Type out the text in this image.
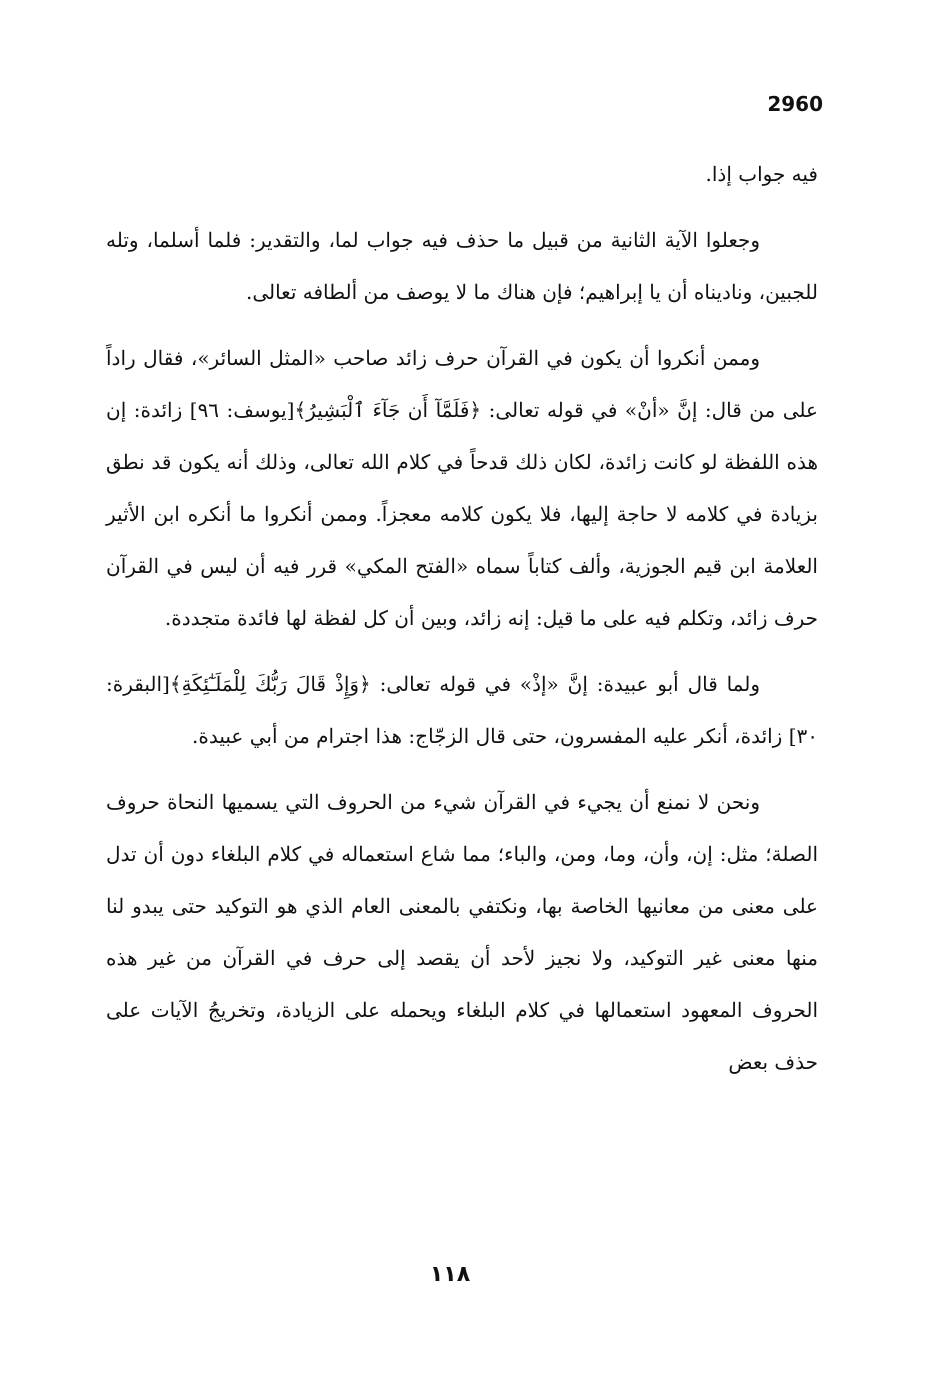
2960

فيه جواب إذا.

وجعلوا الآية الثانية من قبيل ما حذف فيه جواب لما، والتقدير: فلما أسلما، وتله للجبين، وناديناه أن يا إبراهيم؛ فإن هناك ما لا يوصف من ألطافه تعالى.

وممن أنكروا أن يكون في القرآن حرف زائد صاحب «المثل السائر»، فقال راداً على من قال: إنَّ «أنْ» في قوله تعالى: ﴿فَلَمَّآ أَن جَآءَ ٱلْبَشِيرُ﴾[يوسف: ٩٦] زائدة: إن هذه اللفظة لو كانت زائدة، لكان ذلك قدحاً في كلام الله تعالى، وذلك أنه يكون قد نطق بزيادة في كلامه لا حاجة إليها، فلا يكون كلامه معجزاً. وممن أنكروا ما أنكره ابن الأثير العلامة ابن قيم الجوزية، وألف كتاباً سماه «الفتح المكي» قرر فيه أن ليس في القرآن حرف زائد، وتكلم فيه على ما قيل: إنه زائد، وبين أن كل لفظة لها فائدة متجددة.

ولما قال أبو عبيدة: إنَّ «إذْ» في قوله تعالى: ﴿وَإِذْ قَالَ رَبُّكَ لِلْمَلَـٰٓئِكَةِ﴾[البقرة: ٣٠] زائدة، أنكر عليه المفسرون، حتى قال الزجّاج: هذا اجترام من أبي عبيدة.

ونحن لا نمنع أن يجيء في القرآن شيء من الحروف التي يسميها النحاة حروف الصلة؛ مثل: إن، وأن، وما، ومن، والباء؛ مما شاع استعماله في كلام البلغاء دون أن تدل على معنى من معانيها الخاصة بها، ونكتفي بالمعنى العام الذي هو التوكيد حتى يبدو لنا منها معنى غير التوكيد، ولا نجيز لأحد أن يقصد إلى حرف في القرآن من غير هذه الحروف المعهود استعمالها في كلام البلغاء ويحمله على الزيادة، وتخريجُ الآيات على حذف بعض

١١٨
